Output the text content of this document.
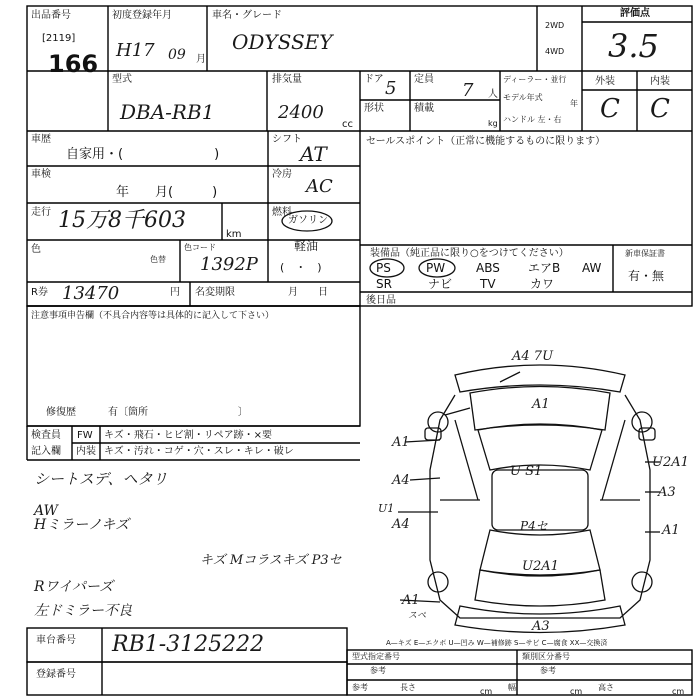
出品番号
[2119]
166
初度登録年月
H17 09 月
車名・グレード
ODYSSEY
2WD
4WD
評価点
3.5
型式
DBA-RB1
排気量
2400
cc
ドア 5 定員
7 人
形状	積載
kg
ディーラー・並行
モデル年式
年
ハンドル 左・右
外装	内装
C C
車歴
自家用・(　　　　　　　)
車検
年　　月(　　　)
走行 15万8千603
km
色
色替
色コード
1392P
シフト
AT
冷房
AC
燃料
ガソリン
軽油
(　・　)
R券 13470	円 名変期限	月　　日
注意事項申告欄（不具合内容等は具体的に記入して下さい）
修復歴	有〔箇所　　　　　　　　　〕
検査員
記入欄
FW キズ・飛石・ヒビ割・リペア跡・×要
内装 キズ・汚れ・コゲ・穴・スレ・キレ・破レ
シートスデ、ヘタリ
AW
Hミラーノキズ
キズ Mコラスキズ P3セ
Rワイパーズ
左ドミラー不良
セールスポイント（正常に機能するものに限ります）
装備品（純正品に限り○をつけてください）	新車保証書
有・無
PS	PW	ABS エアB AW
SR	ナビ TV	カワ
後日品
A4 7U
A1
A1
A4
U1
A4
A1
U S1
P4セ
U2A1
U2A1
A3
A1
A3
スペ
A—キズ E—エクボ U—凹み W—補修跡 S—サビ C—腐食 XX—交換済
車台番号 RB1-3125222
登録番号
型式指定番号	類別区分番号
参考	参考
参考	長さ	cm 幅	cm 高さ	cm
